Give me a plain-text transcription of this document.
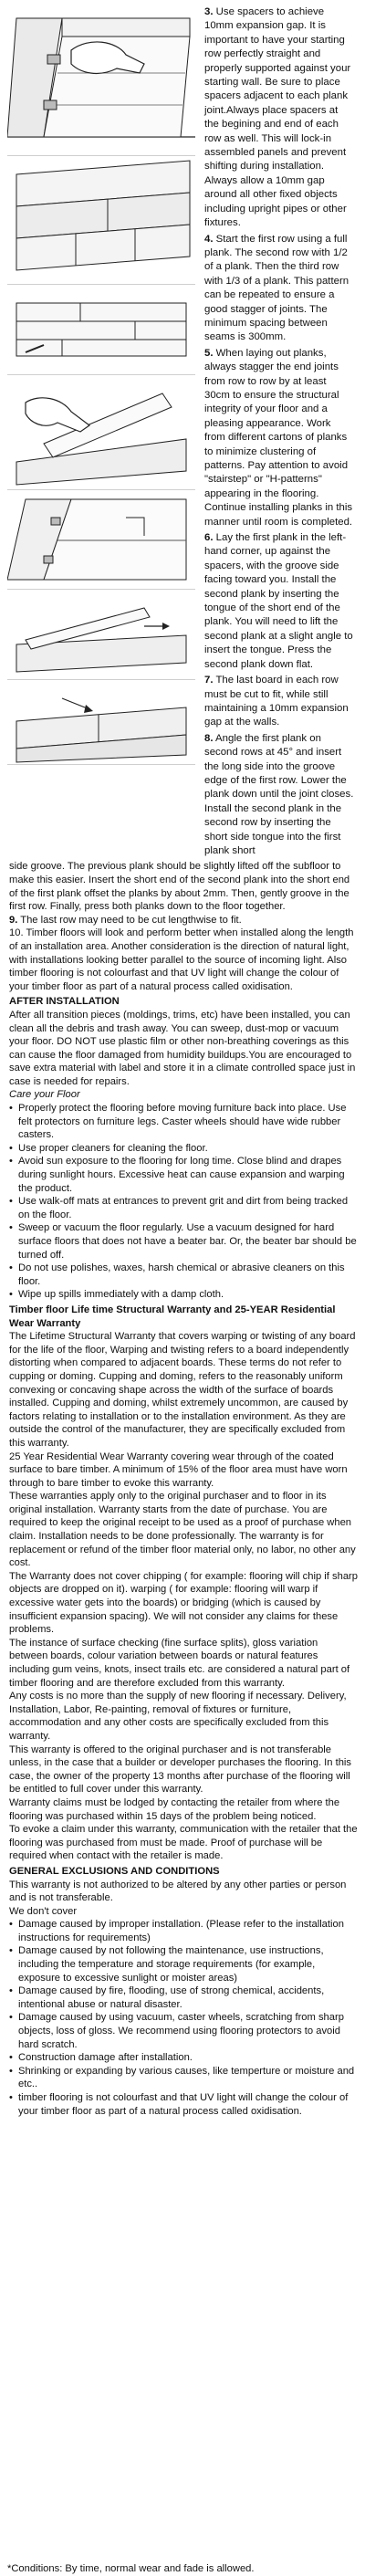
3. Use spacers to achieve 10mm expansion gap. It is important to have your starting row perfectly straight and properly supported against your starting wall. Be sure to place spacers adjacent to each plank joint.Always place spacers at the begining and end of each row as well. This will lock-in assembled panels and prevent shifting during installation. Always allow a 10mm gap around all other fixed objects including upright pipes or other fixtures.

4. Start the first row using a full plank. The second row with 1/2 of a plank. Then the third row with 1/3 of a plank. This pattern can be repeated to ensure a good stagger of joints. The minimum spacing between seams is 300mm.

5. When laying out planks, always stagger the end joints from row to row by at least 30cm to ensure the structural integrity of your floor and a pleasing appearance. Work from different cartons of planks to minimize clustering of patterns. Pay attention to avoid "stairstep" or "H-patterns" appearing in the flooring. Continue installing planks in this manner until room is completed.

6. Lay the first plank in the left-hand corner, up against the spacers, with the groove side facing toward you. Install the second plank by inserting the tongue of the short end of the plank. You will need to lift the second plank at a slight angle to insert the tongue. Press the second plank down flat.

7. The last board in each row must be cut to fit, while still maintaining a 10mm expansion gap at the walls.

8. Angle the first plank on second rows at 45° and insert the long side into the groove edge of the first row. Lower the plank down until the joint closes. Install the second plank in the second row by inserting the short side tongue into the first plank short

side groove. The previous plank should be slightly lifted off the subfloor to make this easier. Insert the short end of the second plank into the short end of the first plank offset the planks by about 2mm. Then, gently groove in the first row. Finally, press both planks down to the floor together.

9. The last row may need to be cut lengthwise to fit.

10. Timber floors will look and perform better when installed along the length of an installation area. Another consideration is the direction of natural light, with installations looking better parallel to the source of incoming light. Also timber flooring is not colourfast and that UV light will change the colour of your timber floor as part of a natural process called oxidisation.

AFTER INSTALLATION

After all transition pieces (moldings, trims, etc) have been installed, you can clean all the debris and trash away. You can sweep, dust-mop or vacuum your floor. DO NOT use plastic film or other non-breathing coverings as this can cause the floor damaged from humidity buildups.You are encouraged to save extra material with label and store it in a climate controlled space just in case is needed for repairs.

Care your Floor

• Properly protect the flooring before moving furniture back into place. Use felt protectors on furniture legs. Caster wheels should have wide rubber casters.
• Use proper cleaners for cleaning the floor.
• Avoid sun exposure to the flooring for long time. Close blind and drapes during sunlight hours. Excessive heat can cause expansion and warping the product.
• Use walk-off mats at entrances to prevent grit and dirt from being tracked on the floor.
• Sweep or vacuum the floor regularly. Use a vacuum designed for hard surface floors that does not have a beater bar. Or, the beater bar should be turned off.
• Do not use polishes, waxes, harsh chemical or abrasive cleaners on this floor.
• Wipe up spills immediately with a damp cloth.

Timber floor Life time Structural Warranty and 25-YEAR Residential Wear Warranty

The Lifetime Structural Warranty that covers warping or twisting of any board for the life of the floor, Warping and twisting refers to a board independently

distorting when compared to adjacent boards. These terms do not refer to cupping or doming. Cupping and doming, refers to the reasonably uniform convexing or concaving shape across the width of the surface of boards installed. Cupping and doming, whilst extremely uncommon, are caused by factors relating to installation or to the installation environment. As they are outside the control of the manufacturer, they are specifically excluded from this warranty.

25 Year Residential Wear Warranty covering wear through of the coated surface to bare timber. A minimum of 15% of the floor area must have worn through to bare timber to evoke this warranty.

These warranties apply only to the original purchaser and to floor in its original installation. Warranty starts from the date of purchase. You are required to keep the original receipt to be used as a proof of purchase when claim. Installation needs to be done professionally. The warranty is for replacement or refund of the timber floor material only, no labor, no other any cost.

The Warranty does not cover chipping ( for example: flooring will chip if sharp objects are dropped on it). warping ( for example: flooring will warp if excessive water gets into the boards) or bridging (which is caused by insufficient expansion spacing). We will not consider any claims for these problems.

The instance of surface checking (fine surface splits), gloss variation between boards, colour variation between boards or natural features including gum veins, knots, insect trails etc. are considered a natural part of timber flooring and are therefore excluded from this warranty.

Any costs is no more than the supply of new flooring if necessary. Delivery, Installation, Labor, Re-painting, removal of fixtures or furniture, accommodation and any other costs are specifically excluded from this warranty.

This warranty is offered to the original purchaser and is not transferable unless, in the case that a builder or developer purchases the flooring. In this case, the owner of the property 13 months after purchase of the flooring will be entitled to full cover under this warranty.

Warranty claims must be lodged by contacting the retailer from where the flooring was purchased within 15 days of the problem being noticed.

To evoke a claim under this warranty, communication with the retailer that the flooring was purchased from must be made. Proof of purchase will be required when contact with the retailer is made.

GENERAL EXCLUSIONS AND CONDITIONS

This warranty is not authorized to be altered by any other parties or person and is not transferable.

We don't cover

• Damage caused by improper installation. (Please refer to the installation instructions for requirements)
• Damage caused by not following the maintenance, use instructions, including the temperature and storage requirements (for example, exposure to excessive sunlight or moister areas)
• Damage caused by fire, flooding, use of strong chemical, accidents, intentional abuse or natural disaster.
• Damage caused by using vacuum, caster wheels, scratching from sharp objects, loss of gloss. We recommend using flooring protectors to avoid hard scratch.
• Construction damage after installation.
• Shrinking or expanding by various causes, like temperture or moisture and etc..
• timber flooring is not colourfast and that UV light will change the colour of your timber floor as part of a natural process called oxidisation.

*Conditions: By time, normal wear and fade is allowed.
